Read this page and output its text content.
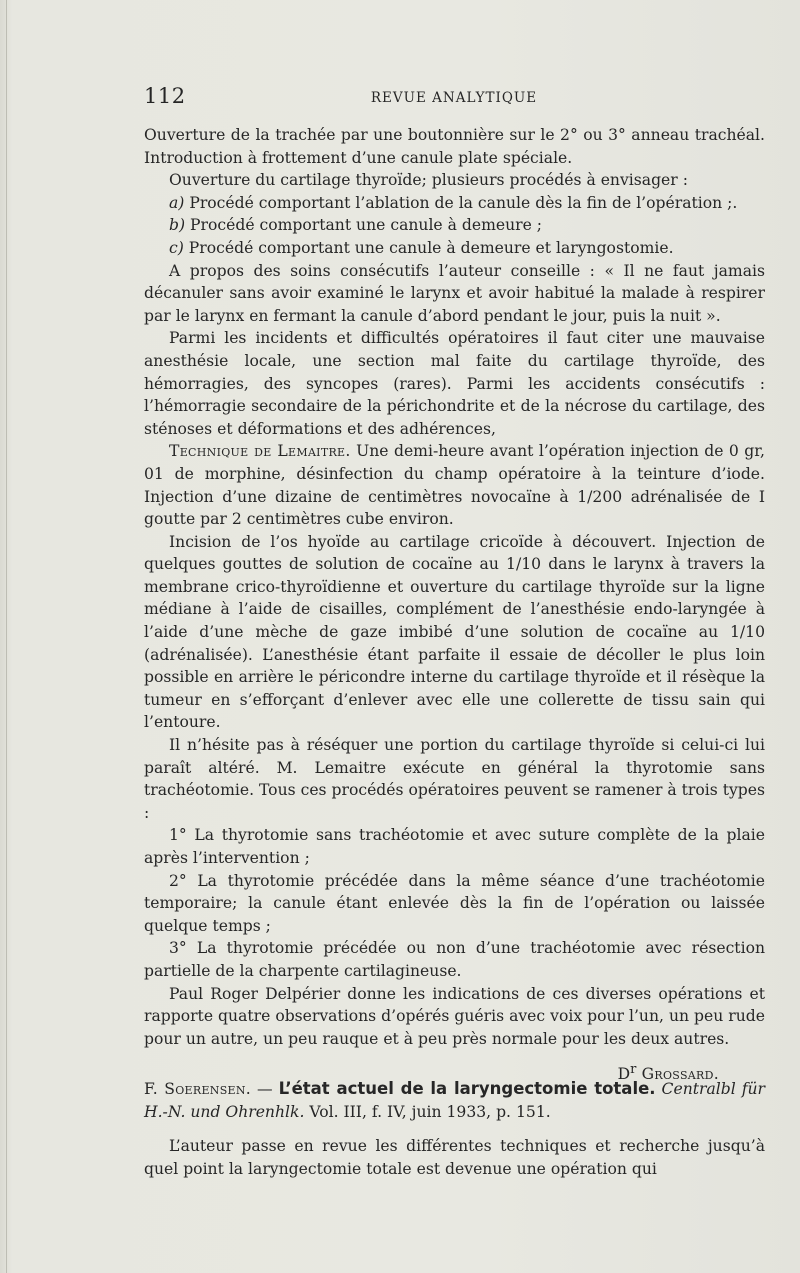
112	REVUE ANALYTIQUE

Ouverture de la trachée par une boutonnière sur le 2° ou 3° anneau trachéal. Introduction à frottement d’une canule plate spéciale.

Ouverture du cartilage thyroïde; plusieurs procédés à envisager :

a) Procédé comportant l’ablation de la canule dès la fin de l’opération ;.

b) Procédé comportant une canule à demeure ;

c) Procédé comportant une canule à demeure et laryngostomie.

A propos des soins consécutifs l’auteur conseille : « Il ne faut jamais décanuler sans avoir examiné le larynx et avoir habitué la malade à respirer par le larynx en fermant la canule d’abord pendant le jour, puis la nuit ».

Parmi les incidents et difficultés opératoires il faut citer une mauvaise anesthésie locale, une section mal faite du cartilage thyroïde, des hémorragies, des syncopes (rares). Parmi les accidents consécutifs : l’hémorragie secondaire de la périchondrite et de la nécrose du cartilage, des sténoses et déformations et des adhérences,

Technique de Lemaitre. Une demi-heure avant l’opération injection de 0 gr, 01 de morphine, désinfection du champ opératoire à la teinture d’iode. Injection d’une dizaine de centimètres novocaïne à 1/200 adrénalisée de I goutte par 2 centimètres cube environ.

Incision de l’os hyoïde au cartilage cricoïde à découvert. Injection de quelques gouttes de solution de cocaïne au 1/10 dans le larynx à travers la membrane crico-thyroïdienne et ouverture du cartilage thyroïde sur la ligne médiane à l’aide de cisailles, complément de l’anesthésie endo-laryngée à l’aide d’une mèche de gaze imbibé d’une solution de cocaïne au 1/10 (adrénalisée). L’anesthésie étant parfaite il essaie de décoller le plus loin possible en arrière le péricondre interne du cartilage thyroïde et il résèque la tumeur en s’efforçant d’enlever avec elle une collerette de tissu sain qui l’entoure.

Il n’hésite pas à réséquer une portion du cartilage thyroïde si celui-ci lui paraît altéré. M. Lemaitre exécute en général la thyrotomie sans trachéotomie. Tous ces procédés opératoires peuvent se ramener à trois types :

1° La thyrotomie sans trachéotomie et avec suture complète de la plaie après l’intervention ;

2° La thyrotomie précédée dans la même séance d’une trachéotomie temporaire; la canule étant enlevée dès la fin de l’opération ou laissée quelque temps ;

3° La thyrotomie précédée ou non d’une trachéotomie avec résection partielle de la charpente cartilagineuse.

Paul Roger Delpérier donne les indications de ces diverses opérations et rapporte quatre observations d’opérés guéris avec voix pour l’un, un peu rude pour un autre, un peu rauque et à peu près normale pour les deux autres.

$D^r$ Grossard.

F. Soerensen. — L’état actuel de la laryngectomie totale. Centralbl für H.-N. und Ohrenhlk. Vol. III, f. IV, juin 1933, p. 151.

L’auteur passe en revue les différentes techniques et recherche jusqu’à quel point la laryngectomie totale est devenue une opération qui
